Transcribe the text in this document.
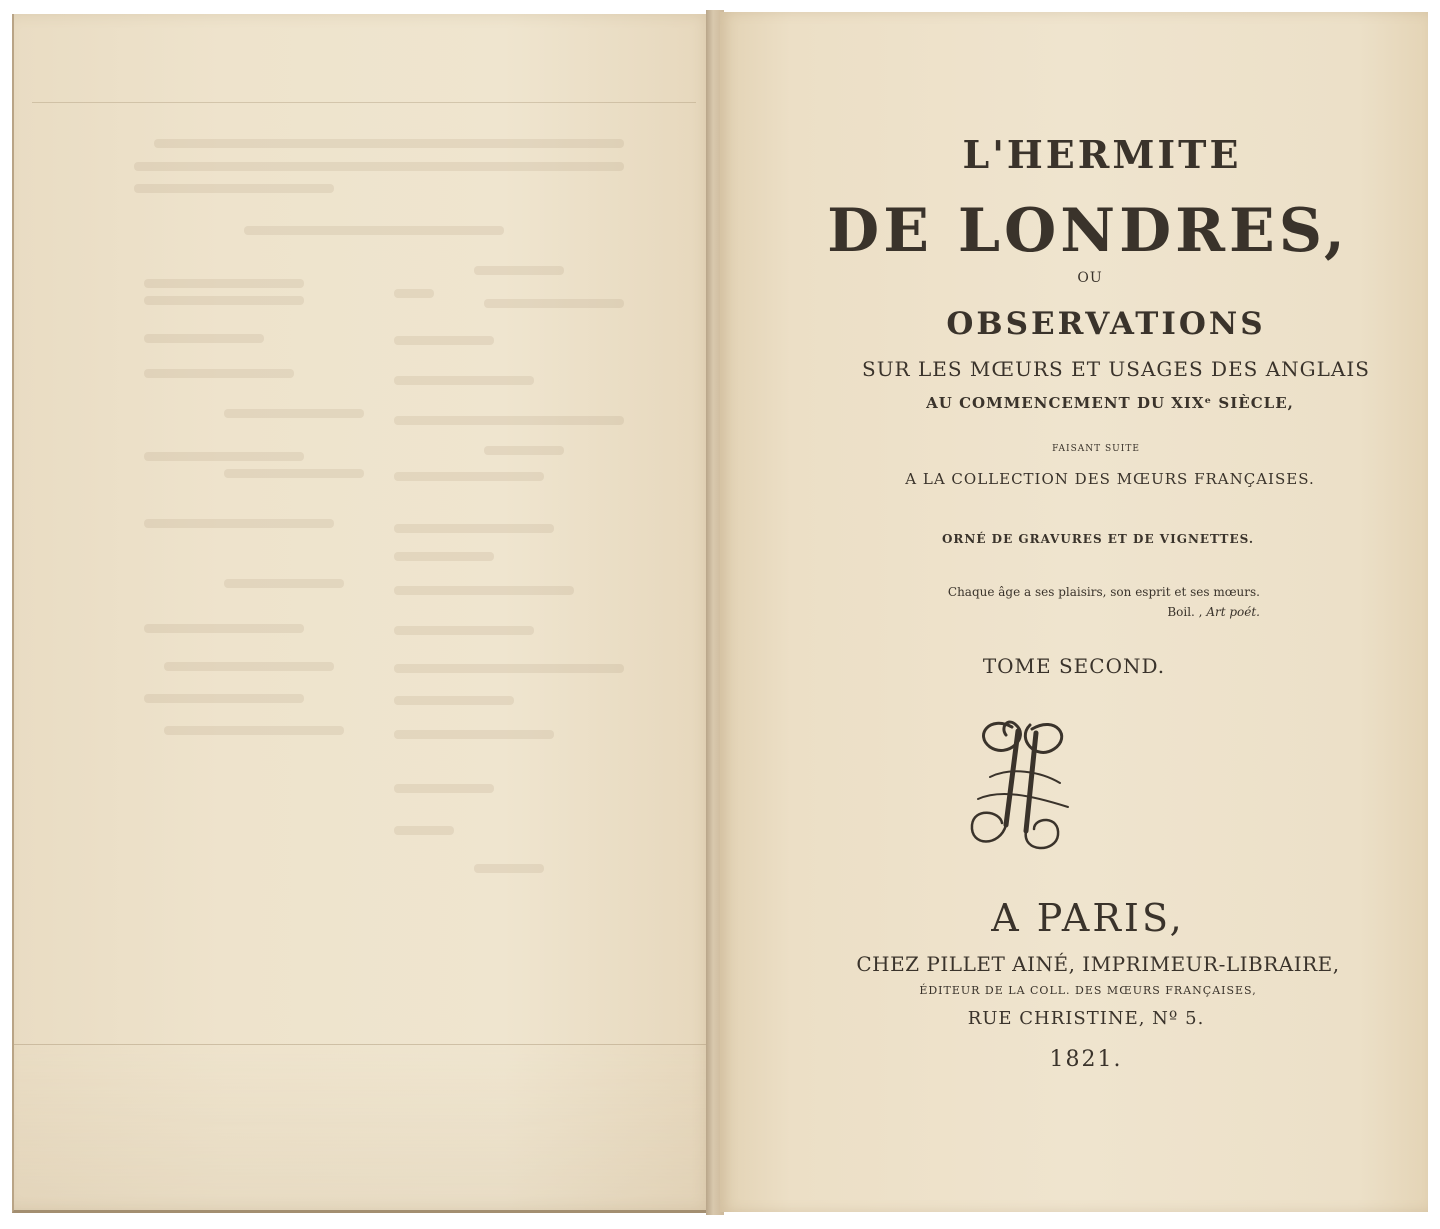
L'HERMITE
DE LONDRES,
OU
OBSERVATIONS
SUR LES MŒURS ET USAGES DES ANGLAIS
AU COMMENCEMENT DU XIXᵉ SIÈCLE,
FAISANT SUITE
A LA COLLECTION DES MŒURS FRANÇAISES.
ORNÉ DE GRAVURES ET DE VIGNETTES.
Chaque âge a ses plaisirs, son esprit et ses mœurs.
Boil. , Art poét.
TOME SECOND.
A PARIS,
CHEZ PILLET AINÉ, IMPRIMEUR-LIBRAIRE,
ÉDITEUR DE LA COLL. DES MŒURS FRANÇAISES,
RUE CHRISTINE, Nº 5.
1821.
